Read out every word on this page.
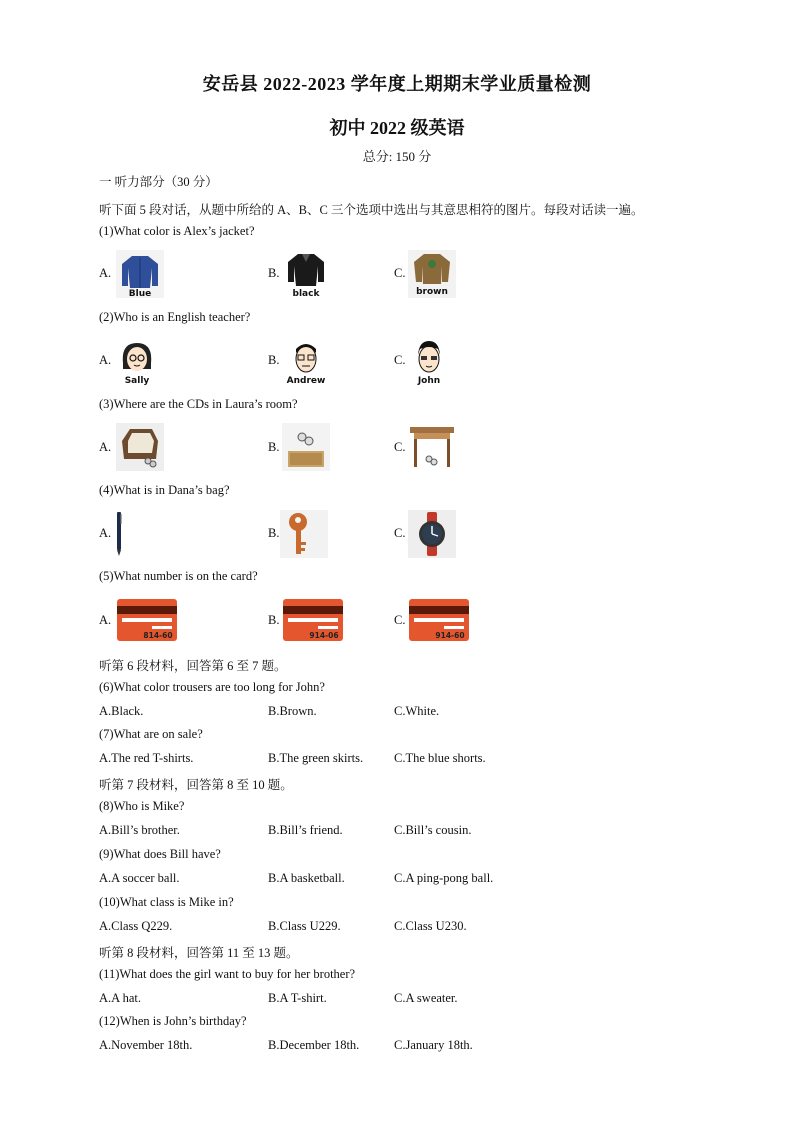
安岳县 2022-2023 学年度上期期末学业质量检测
初中 2022 级英语
总分: 150 分
一 听力部分（30 分）
听下面 5 段对话，从题中所给的 A、B、C 三个选项中选出与其意思相符的图片。每段对话读一遍。
(1)What color is Alex’s jacket?
A.
Blue
B.
black
C.
brown
(2)Who is an English teacher?
A.
Sally
B.
Andrew
C.
John
(3)Where are the CDs in Laura’s room?
A.	B.	C.
(4)What is in Dana’s bag?
A.	B.	C.
(5)What number is on the card?
A.
814-60
B.
914-06
C.
914-60
听第 6 段材料，回答第 6 至 7 题。
(6)What color trousers are too long for John?
A.Black.	B.Brown.	C.White.
(7)What are on sale?
A.The red T-shirts.	B.The green skirts. C.The blue shorts.
听第 7 段材料，回答第 8 至 10 题。
(8)Who is Mike?
A.Bill’s brother.	B.Bill’s friend.	C.Bill’s cousin.
(9)What does Bill have?
A.A soccer ball.	B.A basketball.	C.A ping-pong ball.
(10)What class is Mike in?
A.Class Q229.	B.Class U229.	C.Class U230.
听第 8 段材料，回答第 11 至 13 题。
(11)What does the girl want to buy for her brother?
A.A hat.	B.A T-shirt.	C.A sweater.
(12)When is John’s birthday?
A.November 18th.	B.December 18th.	C.January 18th.
